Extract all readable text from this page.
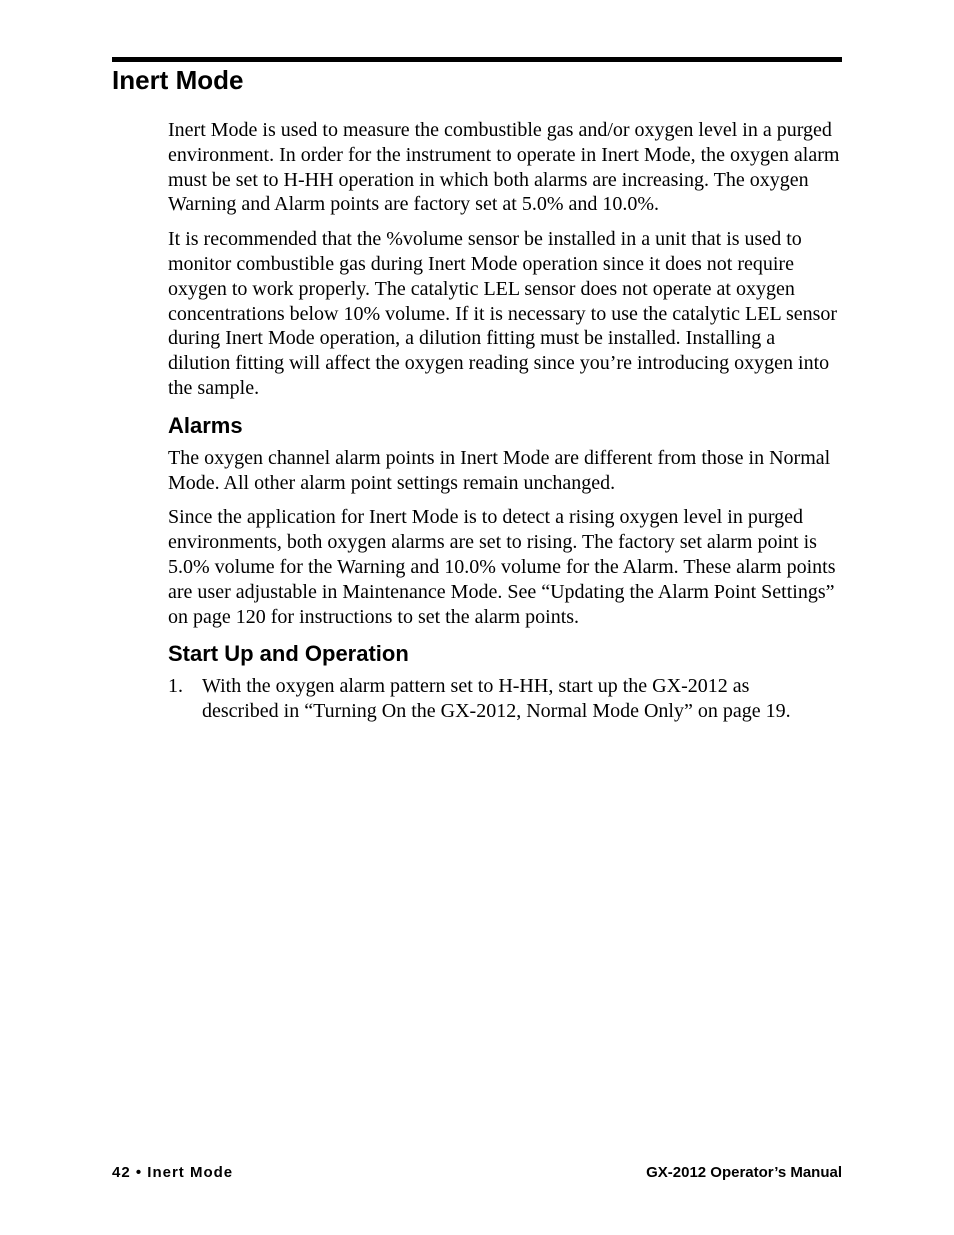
Inert Mode

Inert Mode is used to measure the combustible gas and/or oxygen level in a purged environment. In order for the instrument to operate in Inert Mode, the oxygen alarm must be set to H-HH operation in which both alarms are increasing. The oxygen Warning and Alarm points are factory set at 5.0% and 10.0%.

It is recommended that the %volume sensor be installed in a unit that is used to monitor combustible gas during Inert Mode operation since it does not require oxygen to work properly. The catalytic LEL sensor does not operate at oxygen concentrations below 10% volume. If it is necessary to use the catalytic LEL sensor during Inert Mode operation, a dilution fitting must be installed. Installing a dilution fitting will affect the oxygen reading since you’re introducing oxygen into the sample.

Alarms

The oxygen channel alarm points in Inert Mode are different from those in Normal Mode. All other alarm point settings remain unchanged.

Since the application for Inert Mode is to detect a rising oxygen level in purged environments, both oxygen alarms are set to rising. The factory set alarm point is 5.0% volume for the Warning and 10.0% volume for the Alarm. These alarm points are user adjustable in Maintenance Mode. See “Updating the Alarm Point Settings” on page 120 for instructions to set the alarm points.

Start Up and Operation
1. With the oxygen alarm pattern set to H-HH, start up the GX-2012 as
described in “Turning On the GX-2012, Normal Mode Only” on page 19.
42 • Inert Mode	GX-2012 Operator’s Manual
